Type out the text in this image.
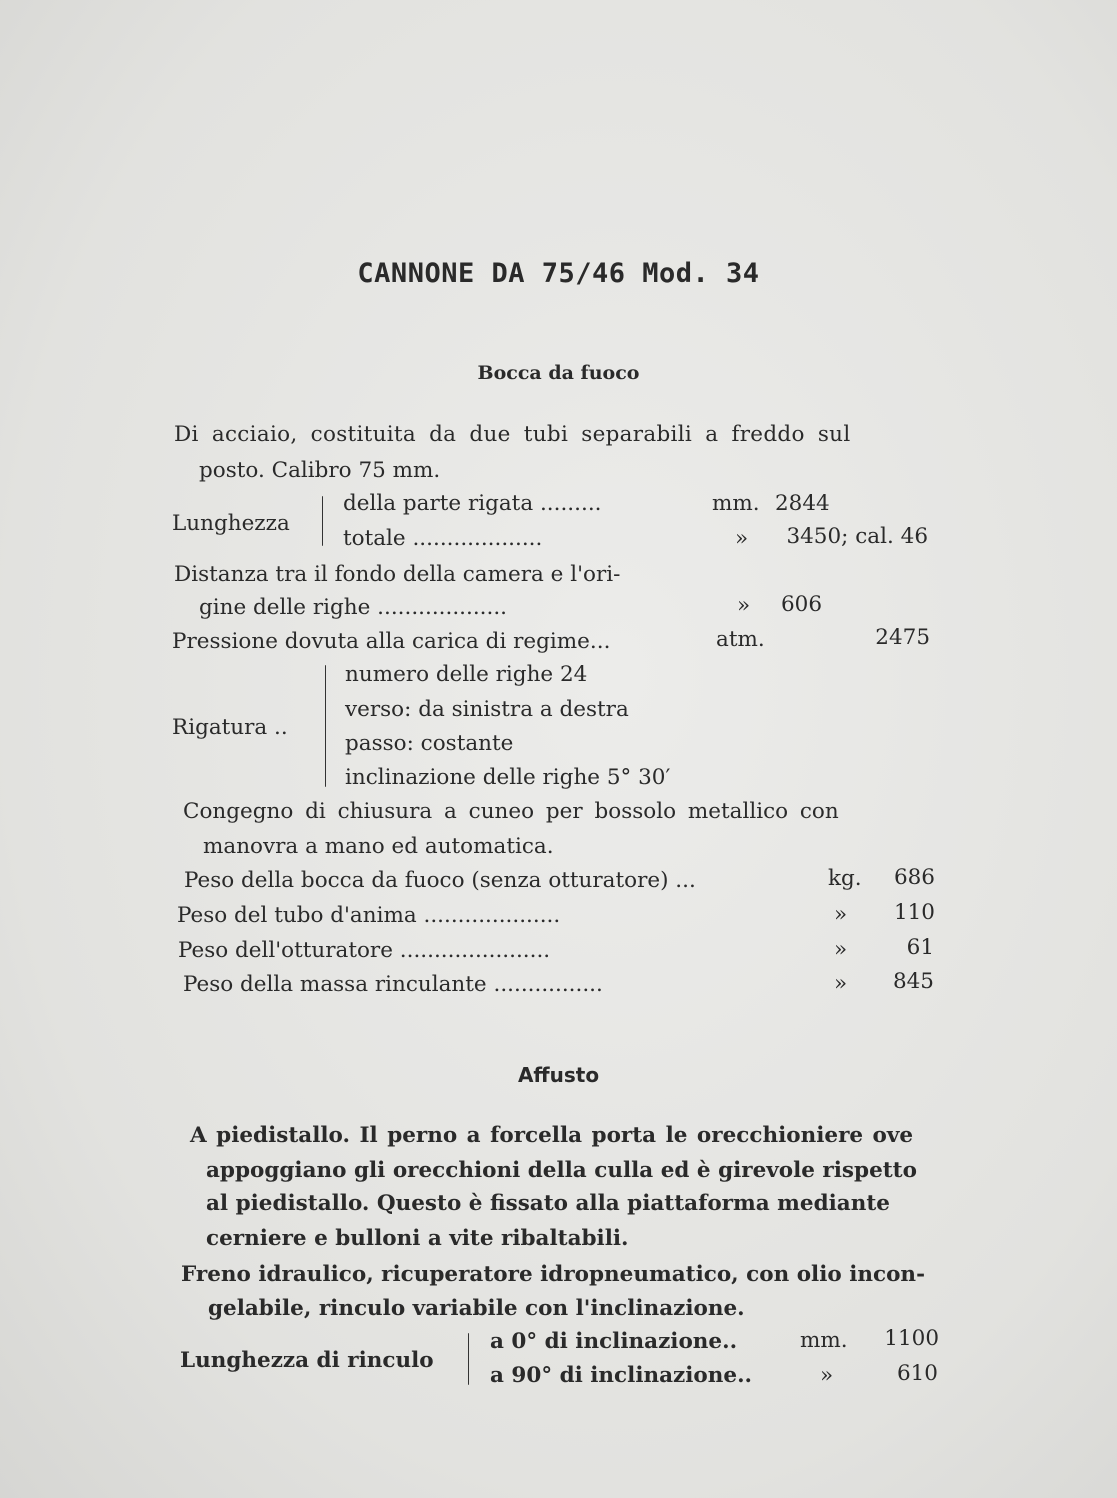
CANNONE DA 75/46 Mod. 34
Bocca da fuoco
Di acciaio, costituita da due tubi separabili a freddo sul
posto. Calibro 75 mm.
Lunghezza
della parte rigata .........	mm. 2844
totale ...................	» 3450; cal. 46
Distanza tra il fondo della camera e l'ori-
gine delle righe ...................	» 606
Pressione dovuta alla carica di regime...	atm.	2475
Rigatura ..
numero delle righe 24
verso: da sinistra a destra
passo: costante
inclinazione delle righe 5° 30′
Congegno di chiusura a cuneo per bossolo metallico con
manovra a mano ed automatica.
Peso della bocca da fuoco (senza otturatore) ...	kg. 686
Peso del tubo d'anima ....................	» 110
Peso dell'otturatore ......................	»	61
Peso della massa rinculante ................	» 845
Affusto
A piedistallo. Il perno a forcella porta le orecchioniere ove
appoggiano gli orecchioni della culla ed è girevole rispetto
al piedistallo. Questo è fissato alla piattaforma mediante
cerniere e bulloni a vite ribaltabili.
Freno idraulico, ricuperatore idropneumatico, con olio incon-
gelabile, rinculo variabile con l'inclinazione.
Lunghezza di rinculo
a 0° di inclinazione..	mm. 1100
a 90° di inclinazione..	»	610
